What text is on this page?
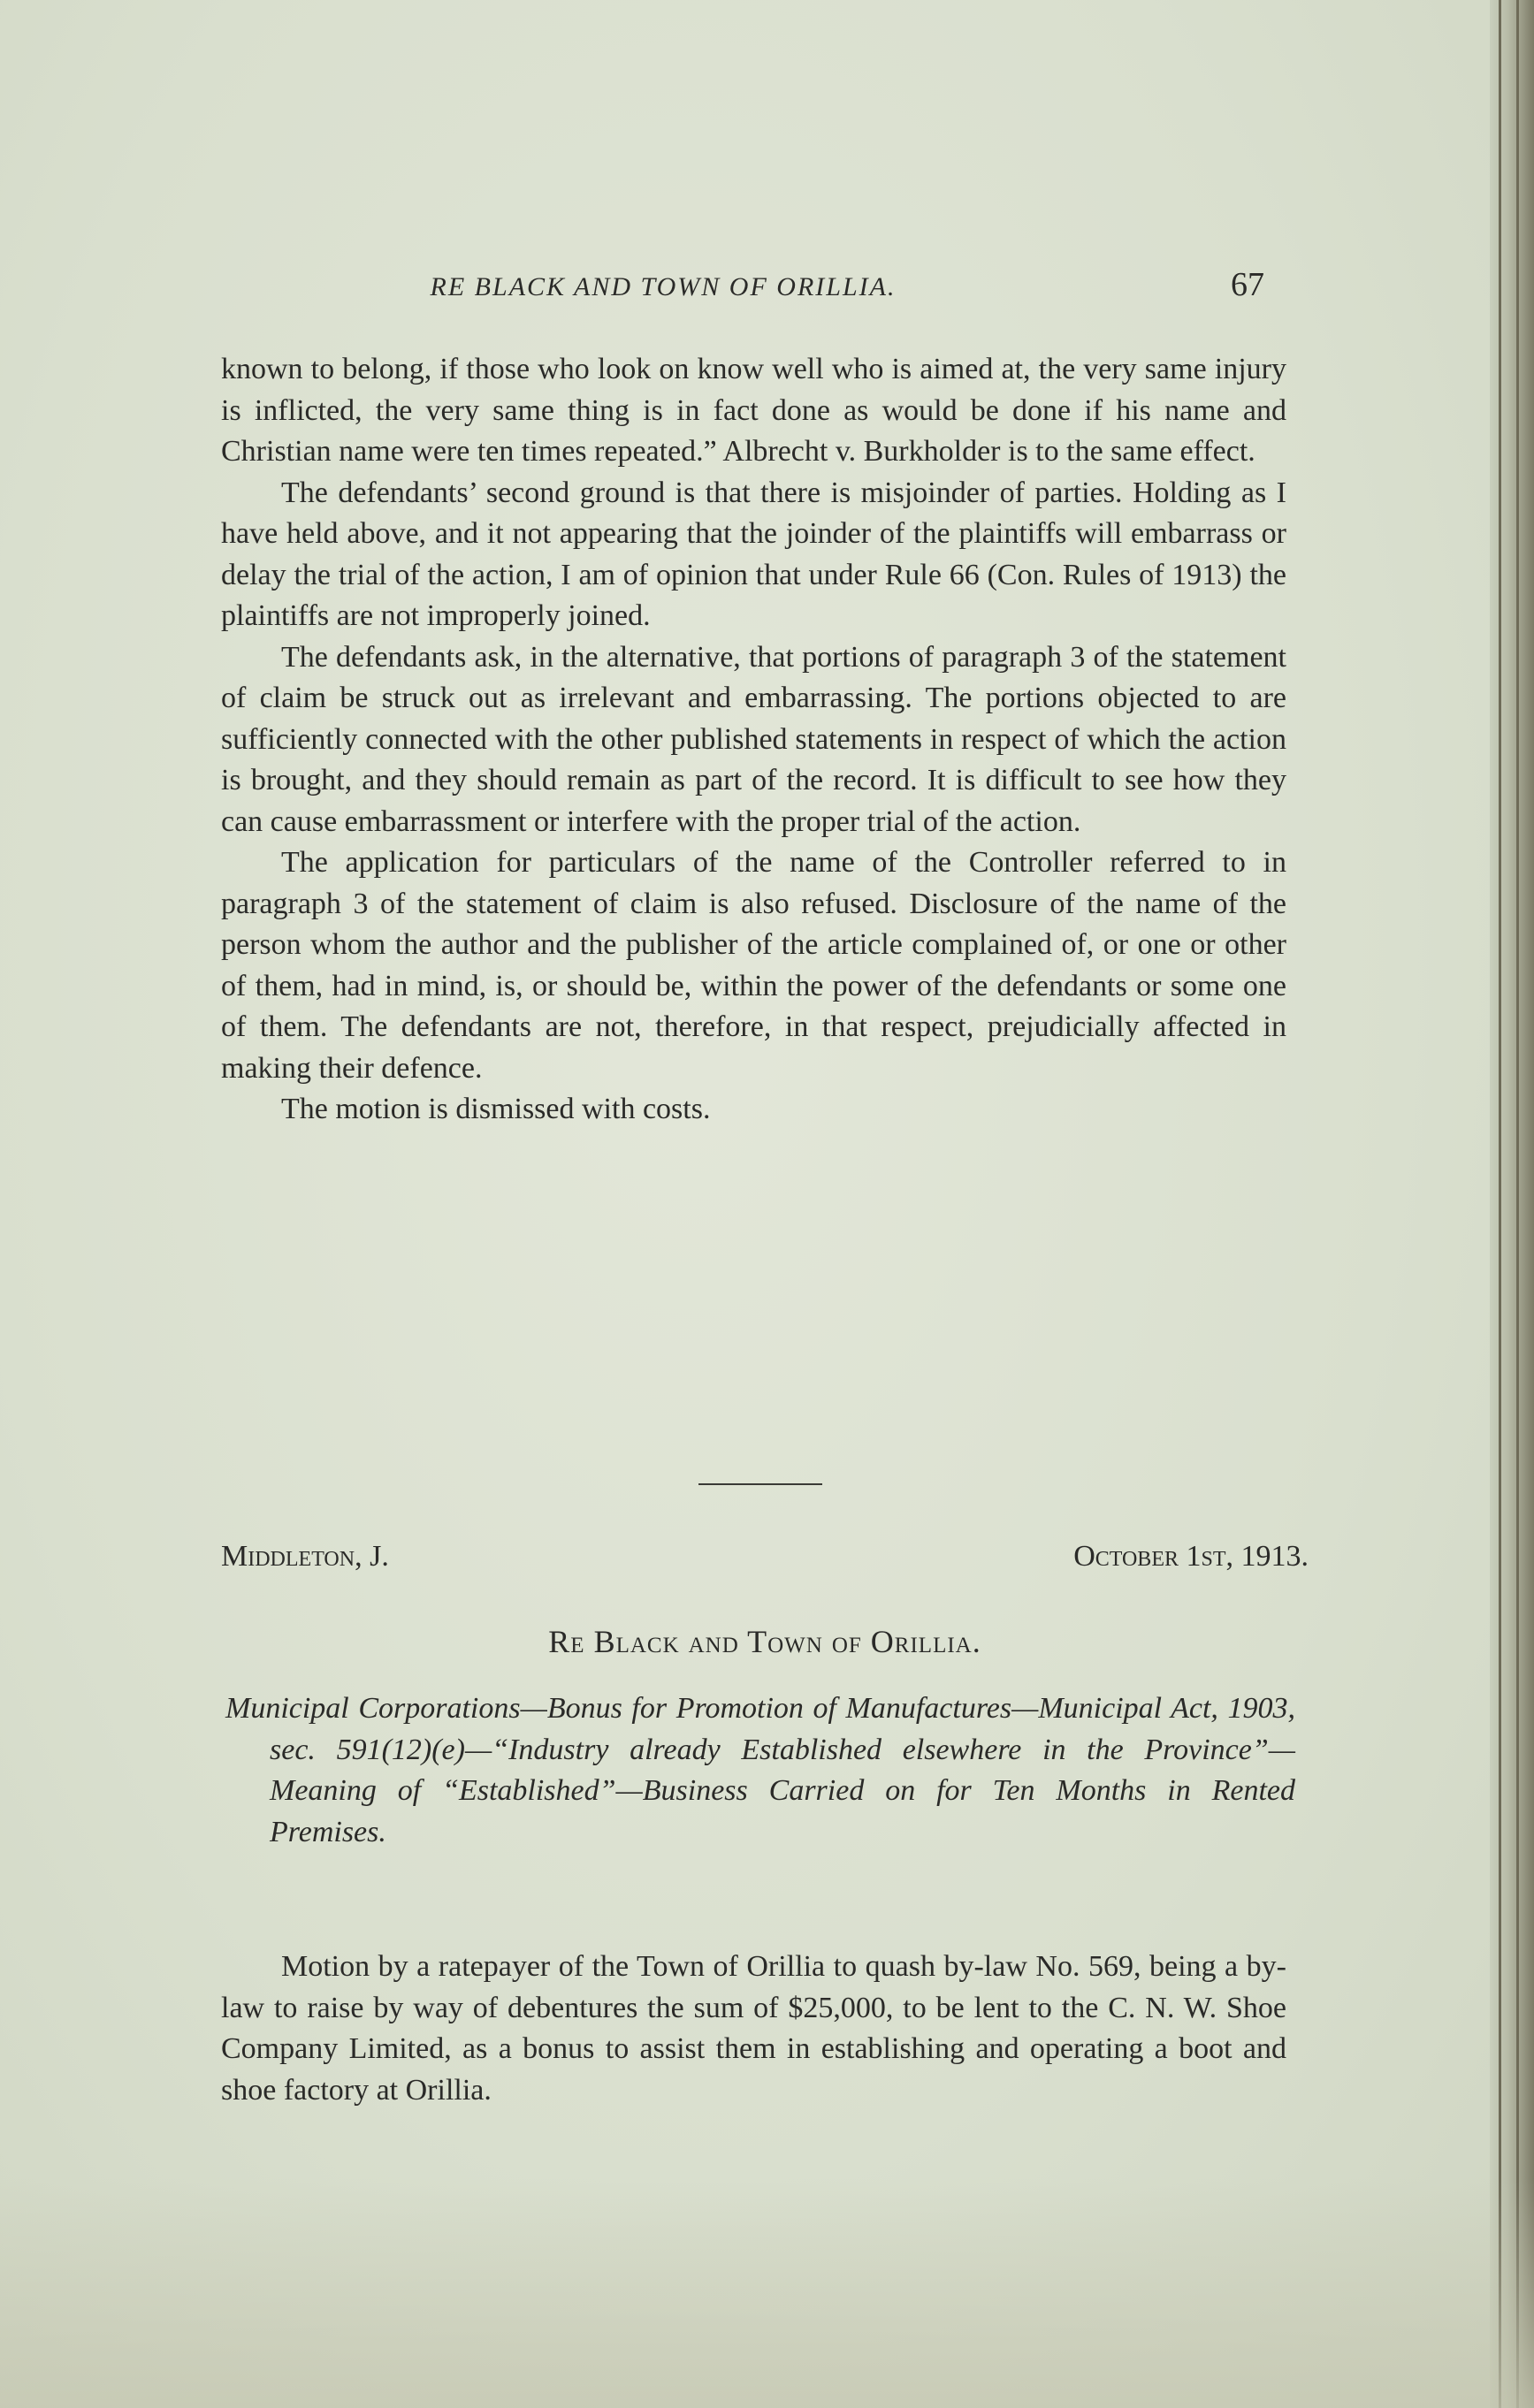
RE BLACK AND TOWN OF ORILLIA.	67

known to belong, if those who look on know well who is aimed at, the very same injury is inflicted, the very same thing is in fact done as would be done if his name and Christian name were ten times repeated.” Albrecht v. Burkholder is to the same effect.

The defendants’ second ground is that there is misjoinder of parties. Holding as I have held above, and it not appearing that the joinder of the plaintiffs will embarrass or delay the trial of the action, I am of opinion that under Rule 66 (Con. Rules of 1913) the plaintiffs are not improperly joined.

The defendants ask, in the alternative, that portions of paragraph 3 of the statement of claim be struck out as irrelevant and embarrassing. The portions objected to are sufficiently connected with the other published statements in respect of which the action is brought, and they should remain as part of the record. It is difficult to see how they can cause embarrassment or interfere with the proper trial of the action.

The application for particulars of the name of the Controller referred to in paragraph 3 of the statement of claim is also refused. Disclosure of the name of the person whom the author and the publisher of the article complained of, or one or other of them, had in mind, is, or should be, within the power of the defendants or some one of them. The defendants are not, therefore, in that respect, prejudicially affected in making their defence.

The motion is dismissed with costs.

Middleton, J.	October 1st, 1913.
Re Black and Town of Orillia.
Municipal Corporations—Bonus for Promotion of Manufactures—Municipal Act, 1903, sec. 591(12)(e)—“Industry already Established elsewhere in the Province”—Meaning of “Established”—Business Carried on for Ten Months in Rented Premises.

Motion by a ratepayer of the Town of Orillia to quash by-law No. 569, being a by-law to raise by way of debentures the sum of $25,000, to be lent to the C. N. W. Shoe Company Limited, as a bonus to assist them in establishing and operating a boot and shoe factory at Orillia.
